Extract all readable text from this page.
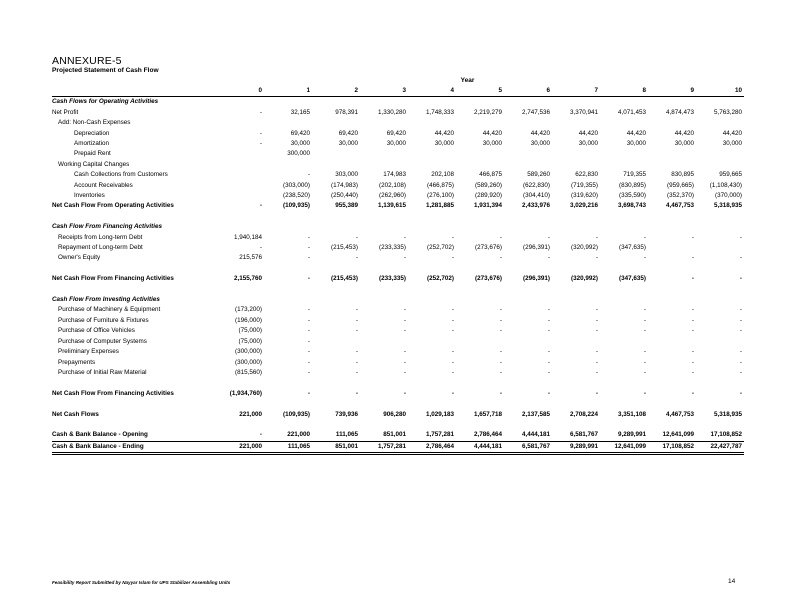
ANNEXURE-5
Projected Statement of Cash Flow
Year
	0	1	2	3	4	5	6	7	8	9	10
Cash Flows for Operating Activities											
Net Profit	-	32,165	978,391	1,330,280	1,748,333	2,219,279	2,747,536	3,370,941	4,071,453	4,874,473	5,763,280
Add: Non-Cash Expenses											
Depreciation	-	69,420	69,420	69,420	44,420	44,420	44,420	44,420	44,420	44,420	44,420
Amortization	-	30,000	30,000	30,000	30,000	30,000	30,000	30,000	30,000	30,000	30,000
Prepaid Rent		300,000									
Working Capital Changes											
Cash Collections from Customers		-	303,000	174,983	202,108	466,875	589,260	622,830	719,355	830,895	959,665
Account Receivables		(303,000)	(174,983)	(202,108)	(466,875)	(589,260)	(622,830)	(719,355)	(830,895)	(959,665)	(1,108,430)
Inventories		(238,520)	(250,440)	(262,960)	(276,100)	(289,920)	(304,410)	(319,620)	(335,590)	(352,370)	(370,000)
Net Cash Flow From Operating Activities	-	(109,935)	955,389	1,139,615	1,281,885	1,931,394	2,433,976	3,029,216	3,698,743	4,467,753	5,318,935

Cash Flow From Financing Activities											
Receipts from Long-term Debt	1,940,184	-	-	-	-	-	-	-	-	-	-
Repayment of Long-term Debt	-	-	(215,453)	(233,335)	(252,702)	(273,676)	(296,391)	(320,992)	(347,635)		
Owner's Equity	215,576	-	-	-	-	-	-	-	-	-	-

Net Cash Flow From Financing Activities	2,155,760	-	(215,453)	(233,335)	(252,702)	(273,676)	(296,391)	(320,992)	(347,635)	-	-

Cash Flow From Investing Activities											
Purchase of Machinery & Equipment	(173,200)	-	-	-	-	-	-	-	-	-	-
Purchase of Furniture & Fixtures	(196,000)	-	-	-	-	-	-	-	-	-	-
Purchase of Office Vehicles	(75,000)	-	-	-	-	-	-	-	-	-	-
Purchase of Computer Systems	(75,000)	-									
Preliminary Expenses	(300,000)	-	-	-	-	-	-	-	-	-	-
Prepayments	(300,000)	-	-	-	-	-	-	-	-	-	-
Purchase of Initial Raw Material	(815,560)	-	-	-	-	-	-	-	-	-	-

Net Cash Flow From Financing Activities	(1,934,760)	-	-	-	-	-	-	-	-	-	-

Net Cash Flows	221,000	(109,935)	739,936	906,280	1,029,183	1,657,718	2,137,585	2,708,224	3,351,108	4,467,753	5,318,935

Cash & Bank Balance - Opening	-	221,000	111,065	851,001	1,757,281	2,786,464	4,444,181	6,581,767	9,289,991	12,641,099	17,108,852
Cash & Bank Balance - Ending	221,000	111,065	851,001	1,757,281	2,786,464	4,444,181	6,581,767	9,289,991	12,641,099	17,108,852	22,427,787
Feasibility Report Submitted by Nayyar Islam for UPS Stabilizer Assembling Units	14
